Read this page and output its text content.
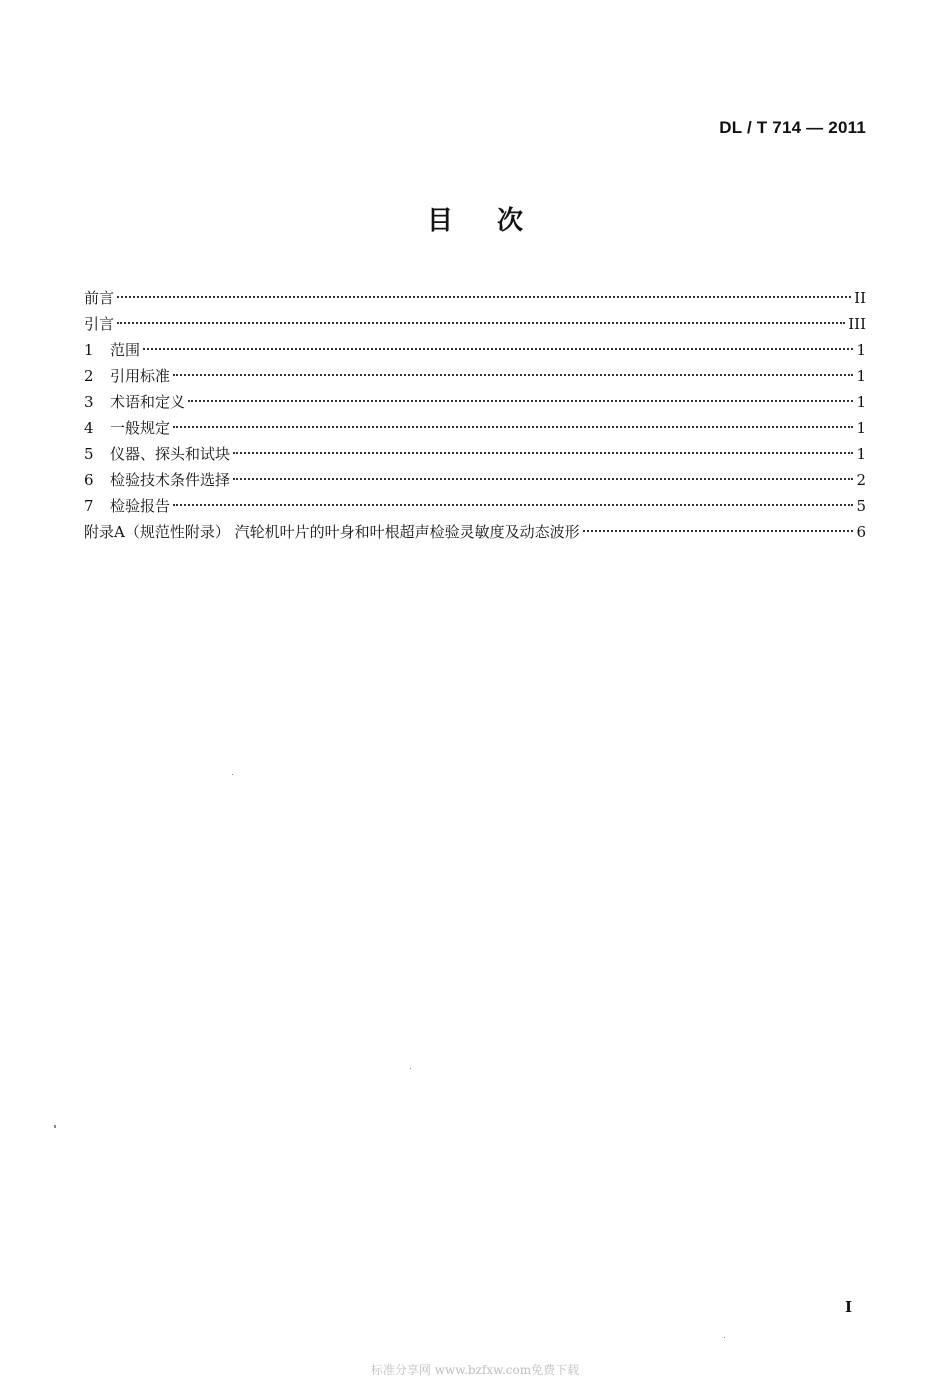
DL / T 714 — 2011
目 次
前言	II
引言	III
1	范围	1
2	引用标准	1
3	术语和定义	1
4	一般规定	1
5	仪器、探头和试块	1
6	检验技术条件选择	2
7	检验报告	5
附录A（规范性附录） 汽轮机叶片的叶身和叶根超声检验灵敏度及动态波形	6
I
标准分享网 www.bzfxw.com免费下载
